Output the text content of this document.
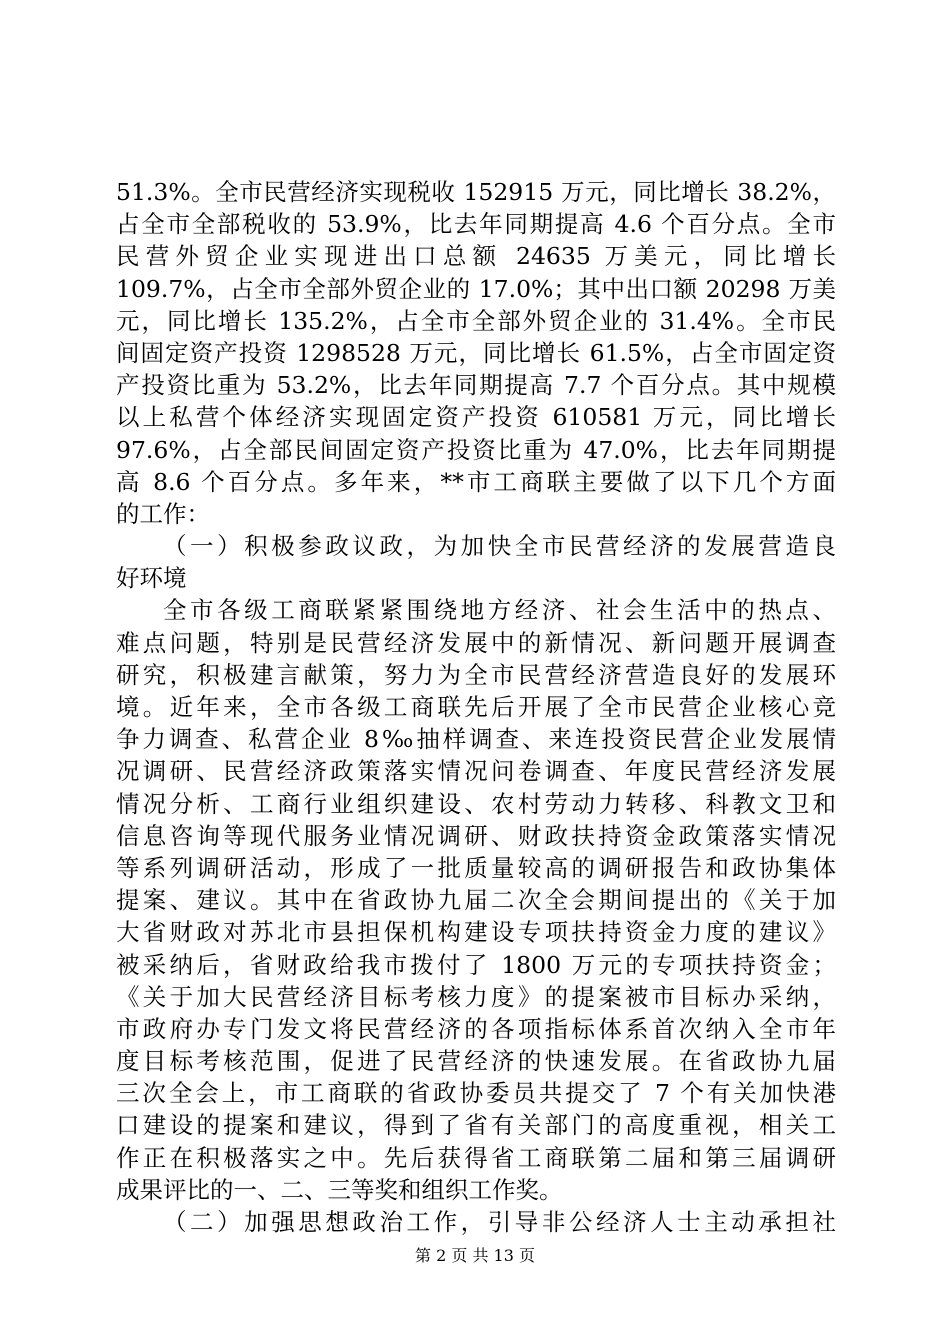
51.3%。全市民营经济实现税收 152915 万元，同比增长 38.2%，
占全市全部税收的 53.9%，比去年同期提高 4.6 个百分点。全市
民营外贸企业实现进出口总额 24635 万美元，同比增长
109.7%，占全市全部外贸企业的 17.0%；其中出口额 20298 万美
元，同比增长 135.2%，占全市全部外贸企业的 31.4%。全市民
间固定资产投资 1298528 万元，同比增长 61.5%，占全市固定资
产投资比重为 53.2%，比去年同期提高 7.7 个百分点。其中规模
以上私营个体经济实现固定资产投资 610581 万元，同比增长
97.6%，占全部民间固定资产投资比重为 47.0%，比去年同期提
高 8.6 个百分点。多年来，**市工商联主要做了以下几个方面
的工作：
（一）积极参政议政，为加快全市民营经济的发展营造良
好环境
全市各级工商联紧紧围绕地方经济、社会生活中的热点、
难点问题，特别是民营经济发展中的新情况、新问题开展调查
研究，积极建言献策，努力为全市民营经济营造良好的发展环
境。近年来，全市各级工商联先后开展了全市民营企业核心竞
争力调查、私营企业 8‰抽样调查、来连投资民营企业发展情
况调研、民营经济政策落实情况问卷调查、年度民营经济发展
情况分析、工商行业组织建设、农村劳动力转移、科教文卫和
信息咨询等现代服务业情况调研、财政扶持资金政策落实情况
等系列调研活动，形成了一批质量较高的调研报告和政协集体
提案、建议。其中在省政协九届二次全会期间提出的《关于加
大省财政对苏北市县担保机构建设专项扶持资金力度的建议》
被采纳后，省财政给我市拨付了 1800 万元的专项扶持资金；
《关于加大民营经济目标考核力度》的提案被市目标办采纳，
市政府办专门发文将民营经济的各项指标体系首次纳入全市年
度目标考核范围，促进了民营经济的快速发展。在省政协九届
三次全会上，市工商联的省政协委员共提交了 7 个有关加快港
口建设的提案和建议，得到了省有关部门的高度重视，相关工
作正在积极落实之中。先后获得省工商联第二届和第三届调研
成果评比的一、二、三等奖和组织工作奖。
（二）加强思想政治工作，引导非公经济人士主动承担社
第 2 页 共 13 页
